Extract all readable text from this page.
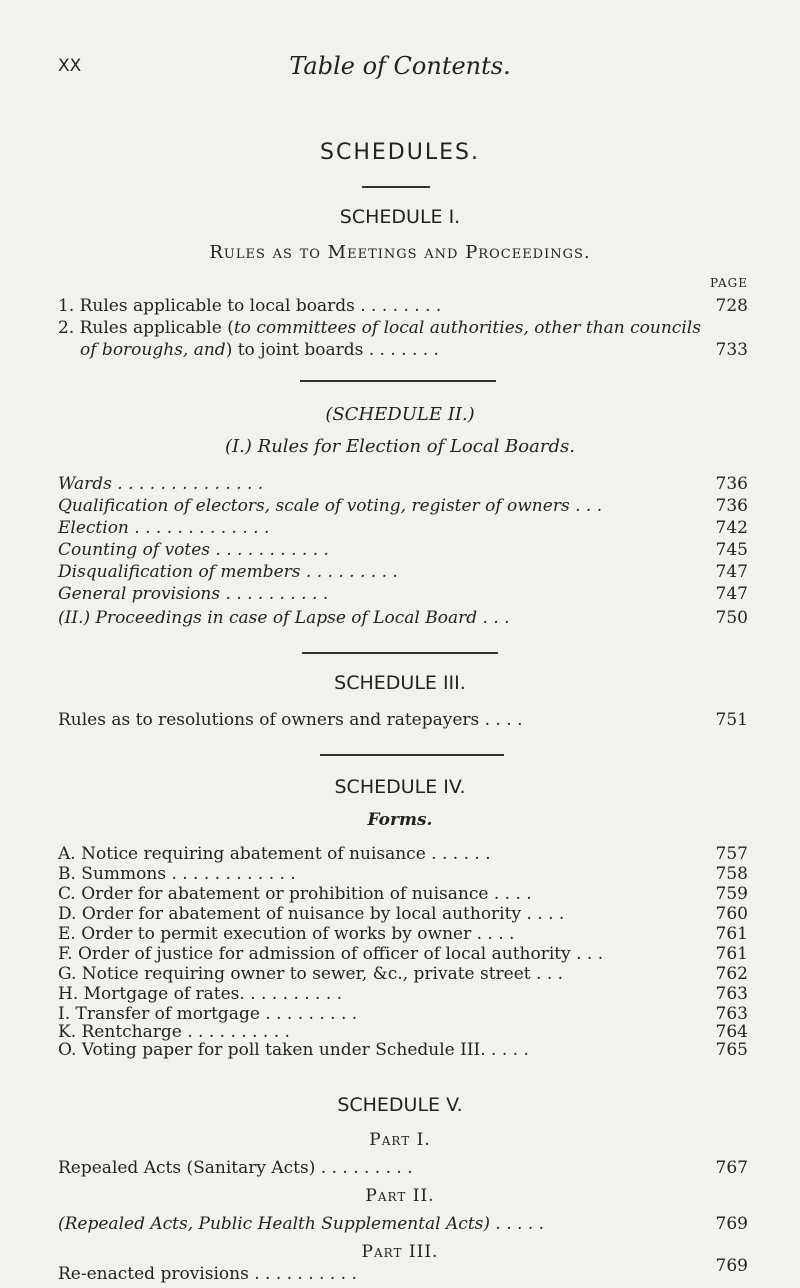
XX	Table of Contents.
SCHEDULES.
SCHEDULE I.
Rules as to Meetings and Proceedings.
PAGE
1. Rules applicable to local boards . . . . . . . .	728
2. Rules applicable (to committees of local authorities, other than councils
of boroughs, and) to joint boards . . . . . . .	733
(SCHEDULE II.)
(I.) Rules for Election of Local Boards.
Wards . . . . . . . . . . . . . .	736
Qualification of electors, scale of voting, register of owners . . .	736
Election . . . . . . . . . . . . .	742
Counting of votes . . . . . . . . . . .	745
Disqualification of members . . . . . . . . .	747
General provisions . . . . . . . . . .	747
(II.) Proceedings in case of Lapse of Local Board . . .	750
SCHEDULE III.
Rules as to resolutions of owners and ratepayers . . . .	751
SCHEDULE IV.
Forms.
A. Notice requiring abatement of nuisance . . . . . .	757
B. Summons . . . . . . . . . . . .	758
C. Order for abatement or prohibition of nuisance . . . .	759
D. Order for abatement of nuisance by local authority . . . .	760
E. Order to permit execution of works by owner . . . .	761
F. Order of justice for admission of officer of local authority . . .	761
G. Notice requiring owner to sewer, &c., private street . . .	762
H. Mortgage of rates. . . . . . . . . .	763
I. Transfer of mortgage . . . . . . . . .	763
K. Rentcharge . . . . . . . . . .	764
O. Voting paper for poll taken under Schedule III. . . . .	765
SCHEDULE V.
Part I.
Repealed Acts (Sanitary Acts) . . . . . . . . .	767
Part II.
(Repealed Acts, Public Health Supplemental Acts) . . . . .	769
Part III.
Re-enacted provisions . . . . . . . . . .	769
